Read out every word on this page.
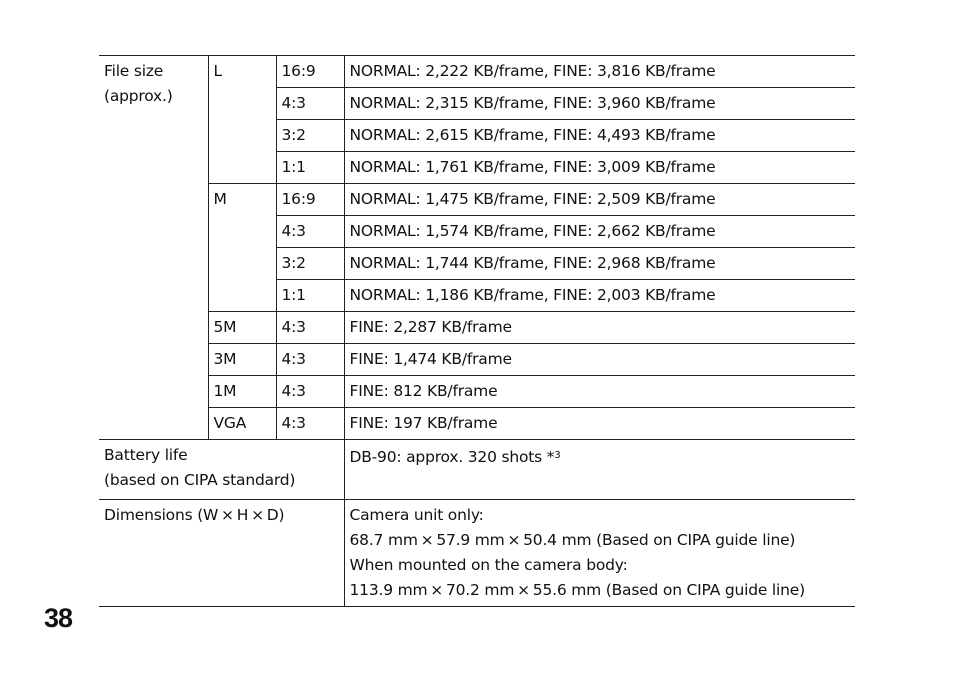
File size
(approx.)	L	16:9	NORMAL: 2,222 KB/frame, FINE: 3,816 KB/frame
		4:3	NORMAL: 2,315 KB/frame, FINE: 3,960 KB/frame
		3:2	NORMAL: 2,615 KB/frame, FINE: 4,493 KB/frame
		1:1	NORMAL: 1,761 KB/frame, FINE: 3,009 KB/frame
	M	16:9	NORMAL: 1,475 KB/frame, FINE: 2,509 KB/frame
		4:3	NORMAL: 1,574 KB/frame, FINE: 2,662 KB/frame
		3:2	NORMAL: 1,744 KB/frame, FINE: 2,968 KB/frame
		1:1	NORMAL: 1,186 KB/frame, FINE: 2,003 KB/frame
	5M	4:3	FINE: 2,287 KB/frame
	3M	4:3	FINE: 1,474 KB/frame
	1M	4:3	FINE: 812 KB/frame
	VGA	4:3	FINE: 197 KB/frame

Battery life
(based on CIPA standard)			DB-90: approx. 320 shots *$^3$
Dimensions (W × H × D)			Camera unit only:
68.7 mm × 57.9 mm × 50.4 mm (Based on CIPA guide line)
When mounted on the camera body:
113.9 mm × 70.2 mm × 55.6 mm (Based on CIPA guide line)
38
